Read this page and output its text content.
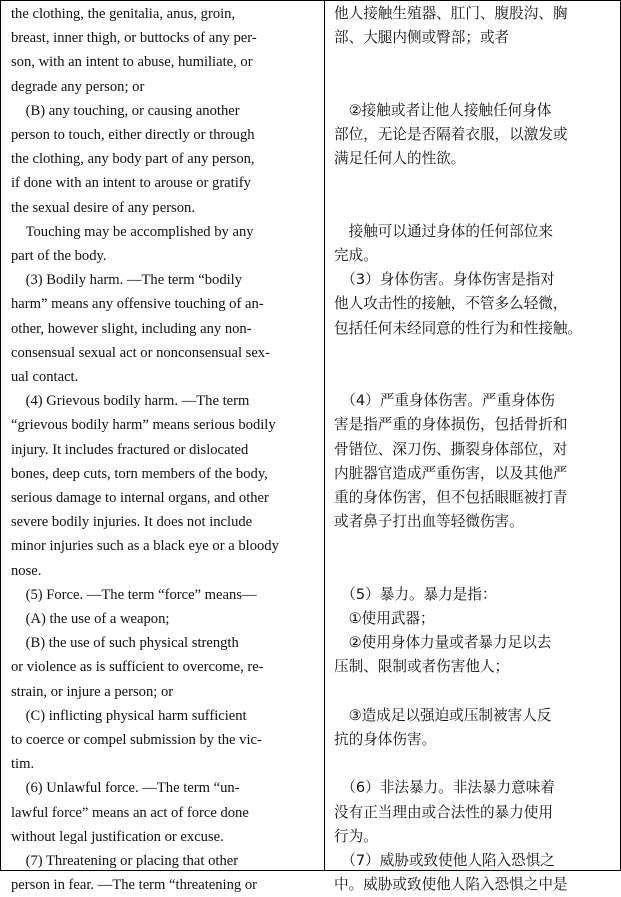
the clothing, the genitalia, anus, groin,
breast, inner thigh, or buttocks of any per-
son, with an intent to abuse, humiliate, or
degrade any person; or
 (B) any touching, or causing another
person to touch, either directly or through
the clothing, any body part of any person,
if done with an intent to arouse or gratify
the sexual desire of any person.
 Touching may be accomplished by any
part of the body.
 (3) Bodily harm. —The term “bodily
harm” means any offensive touching of an-
other, however slight, including any non-
consensual sexual act or nonconsensual sex-
ual contact.
 (4) Grievous bodily harm. —The term
“grievous bodily harm” means serious bodily
injury. It includes fractured or dislocated
bones, deep cuts, torn members of the body,
serious damage to internal organs, and other
severe bodily injuries. It does not include
minor injuries such as a black eye or a bloody
nose.
 (5) Force. —The term “force” means—
 (A) the use of a weapon;
 (B) the use of such physical strength
or violence as is sufficient to overcome, re-
strain, or injure a person; or
 (C) inflicting physical harm sufficient
to coerce or compel submission by the vic-
tim.
 (6) Unlawful force. —The term “un-
lawful force” means an act of force done
without legal justification or excuse.
 (7) Threatening or placing that other
person in fear. —The term “threatening or
他人接触生殖器、肛门、腹股沟、胸
部、大腿内侧或臀部；或者
　②接触或者让他人接触任何身体
部位，无论是否隔着衣服，以激发或
满足任何人的性欲。
　接触可以通过身体的任何部位来
完成。
　（3）身体伤害。身体伤害是指对
他人攻击性的接触，不管多么轻微，
包括任何未经同意的性行为和性接触。
　（4）严重身体伤害。严重身体伤
害是指严重的身体损伤，包括骨折和
骨错位、深刀伤、撕裂身体部位，对
内脏器官造成严重伤害，以及其他严
重的身体伤害，但不包括眼眶被打青
或者鼻子打出血等轻微伤害。
　（5）暴力。暴力是指：
　①使用武器；
　②使用身体力量或者暴力足以去
压制、限制或者伤害他人；
　③造成足以强迫或压制被害人反
抗的身体伤害。
　（6）非法暴力。非法暴力意味着
没有正当理由或合法性的暴力使用
行为。
　（7）威胁或致使他人陷入恐惧之
中。威胁或致使他人陷入恐惧之中是
